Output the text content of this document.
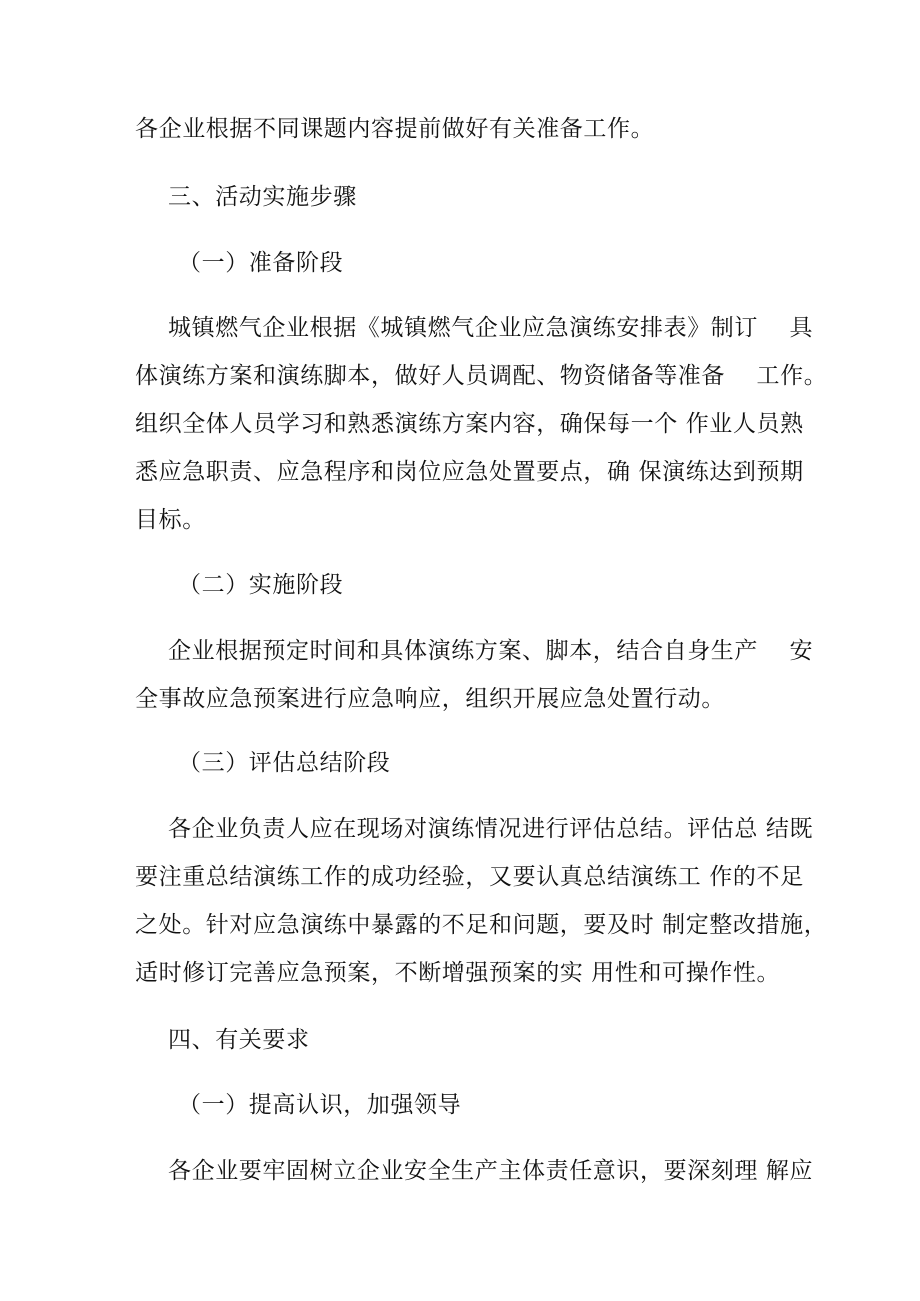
各企业根据不同课题内容提前做好有关准备工作。
三、活动实施步骤
（一）准备阶段
城镇燃气企业根据《城镇燃气企业应急演练安排表》制订　 具
体演练方案和演练脚本，做好人员调配、物资储备等准备　 工作。
组织全体人员学习和熟悉演练方案内容，确保每一个 作业人员熟
悉应急职责、应急程序和岗位应急处置要点，确 保演练达到预期
目标。
（二）实施阶段
企业根据预定时间和具体演练方案、脚本，结合自身生产　 安
全事故应急预案进行应急响应，组织开展应急处置行动。
（三）评估总结阶段
各企业负责人应在现场对演练情况进行评估总结。评估总 结既
要注重总结演练工作的成功经验，又要认真总结演练工 作的不足
之处。针对应急演练中暴露的不足和问题，要及时 制定整改措施，
适时修订完善应急预案，不断增强预案的实 用性和可操作性。
四、有关要求
（一）提高认识，加强领导
各企业要牢固树立企业安全生产主体责任意识，要深刻理 解应
